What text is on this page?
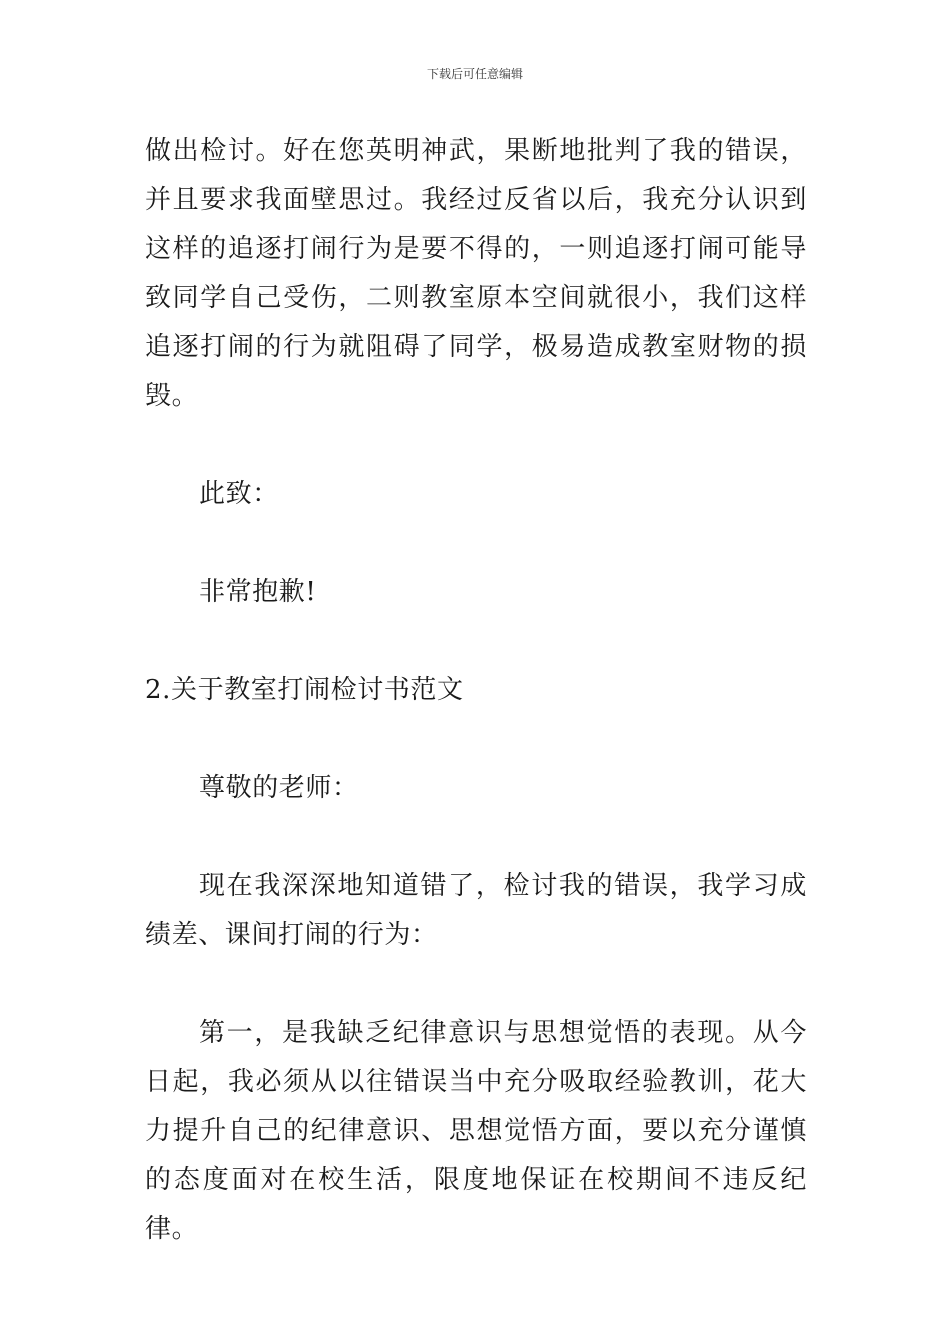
下载后可任意编辑

做出检讨。好在您英明神武，果断地批判了我的错误，并且要求我面壁思过。我经过反省以后，我充分认识到这样的追逐打闹行为是要不得的，一则追逐打闹可能导致同学自己受伤，二则教室原本空间就很小，我们这样追逐打闹的行为就阻碍了同学，极易造成教室财物的损毁。

此致：

非常抱歉!

2.关于教室打闹检讨书范文

尊敬的老师：

现在我深深地知道错了，检讨我的错误，我学习成绩差、课间打闹的行为：

第一，是我缺乏纪律意识与思想觉悟的表现。从今日起，我必须从以往错误当中充分吸取经验教训，花大力提升自己的纪律意识、思想觉悟方面，要以充分谨慎的态度面对在校生活，限度地保证在校期间不违反纪律。
